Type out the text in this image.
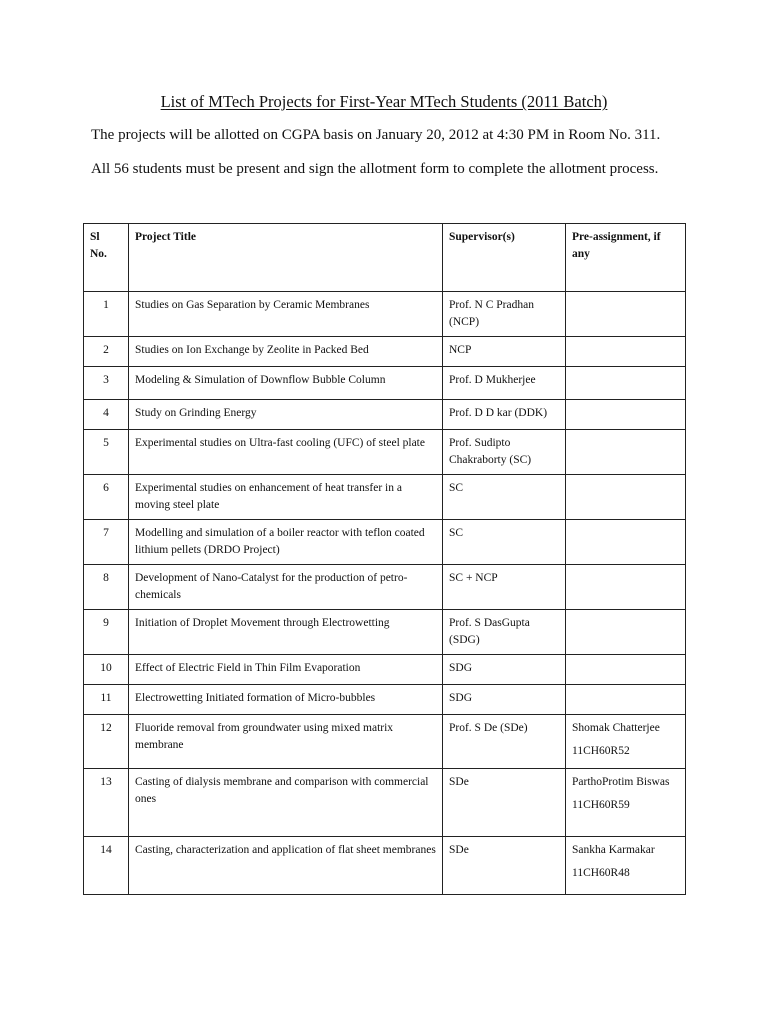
List of MTech Projects for First-Year MTech Students (2011 Batch)
The projects will be allotted on CGPA basis on January 20, 2012 at 4:30 PM in Room No. 311.
All 56 students must be present and sign the allotment form to complete the allotment process.
Sl
No.	Project Title	Supervisor(s)	Pre-assignment, if any
1	Studies on Gas Separation by Ceramic Membranes	Prof. N C Pradhan (NCP)	
2	Studies on Ion Exchange by Zeolite in Packed Bed	NCP	
3	Modeling & Simulation of Downflow Bubble Column	Prof. D Mukherjee	
4	Study on Grinding Energy	Prof. D D kar (DDK)	
5	Experimental studies on Ultra-fast cooling (UFC) of steel plate	Prof. Sudipto Chakraborty (SC)	
6	Experimental studies on enhancement of heat transfer in a moving steel plate	SC	
7	Modelling and simulation of a boiler reactor with teflon coated lithium pellets (DRDO Project)	SC	
8	Development of Nano-Catalyst for the production of petro-chemicals	SC + NCP	
9	Initiation of Droplet Movement through Electrowetting	Prof. S DasGupta (SDG)	
10	Effect of Electric Field in Thin Film Evaporation	SDG	
11	Electrowetting Initiated formation of Micro-bubbles	SDG	
12	Fluoride removal from groundwater using mixed matrix membrane	Prof. S De (SDe)	Shomak Chatterjee
11CH60R52

13	Casting of dialysis membrane and comparison with commercial ones	SDe	ParthoProtim Biswas
11CH60R59

14	Casting, characterization and application of flat sheet membranes	SDe	Sankha Karmakar
11CH60R48
